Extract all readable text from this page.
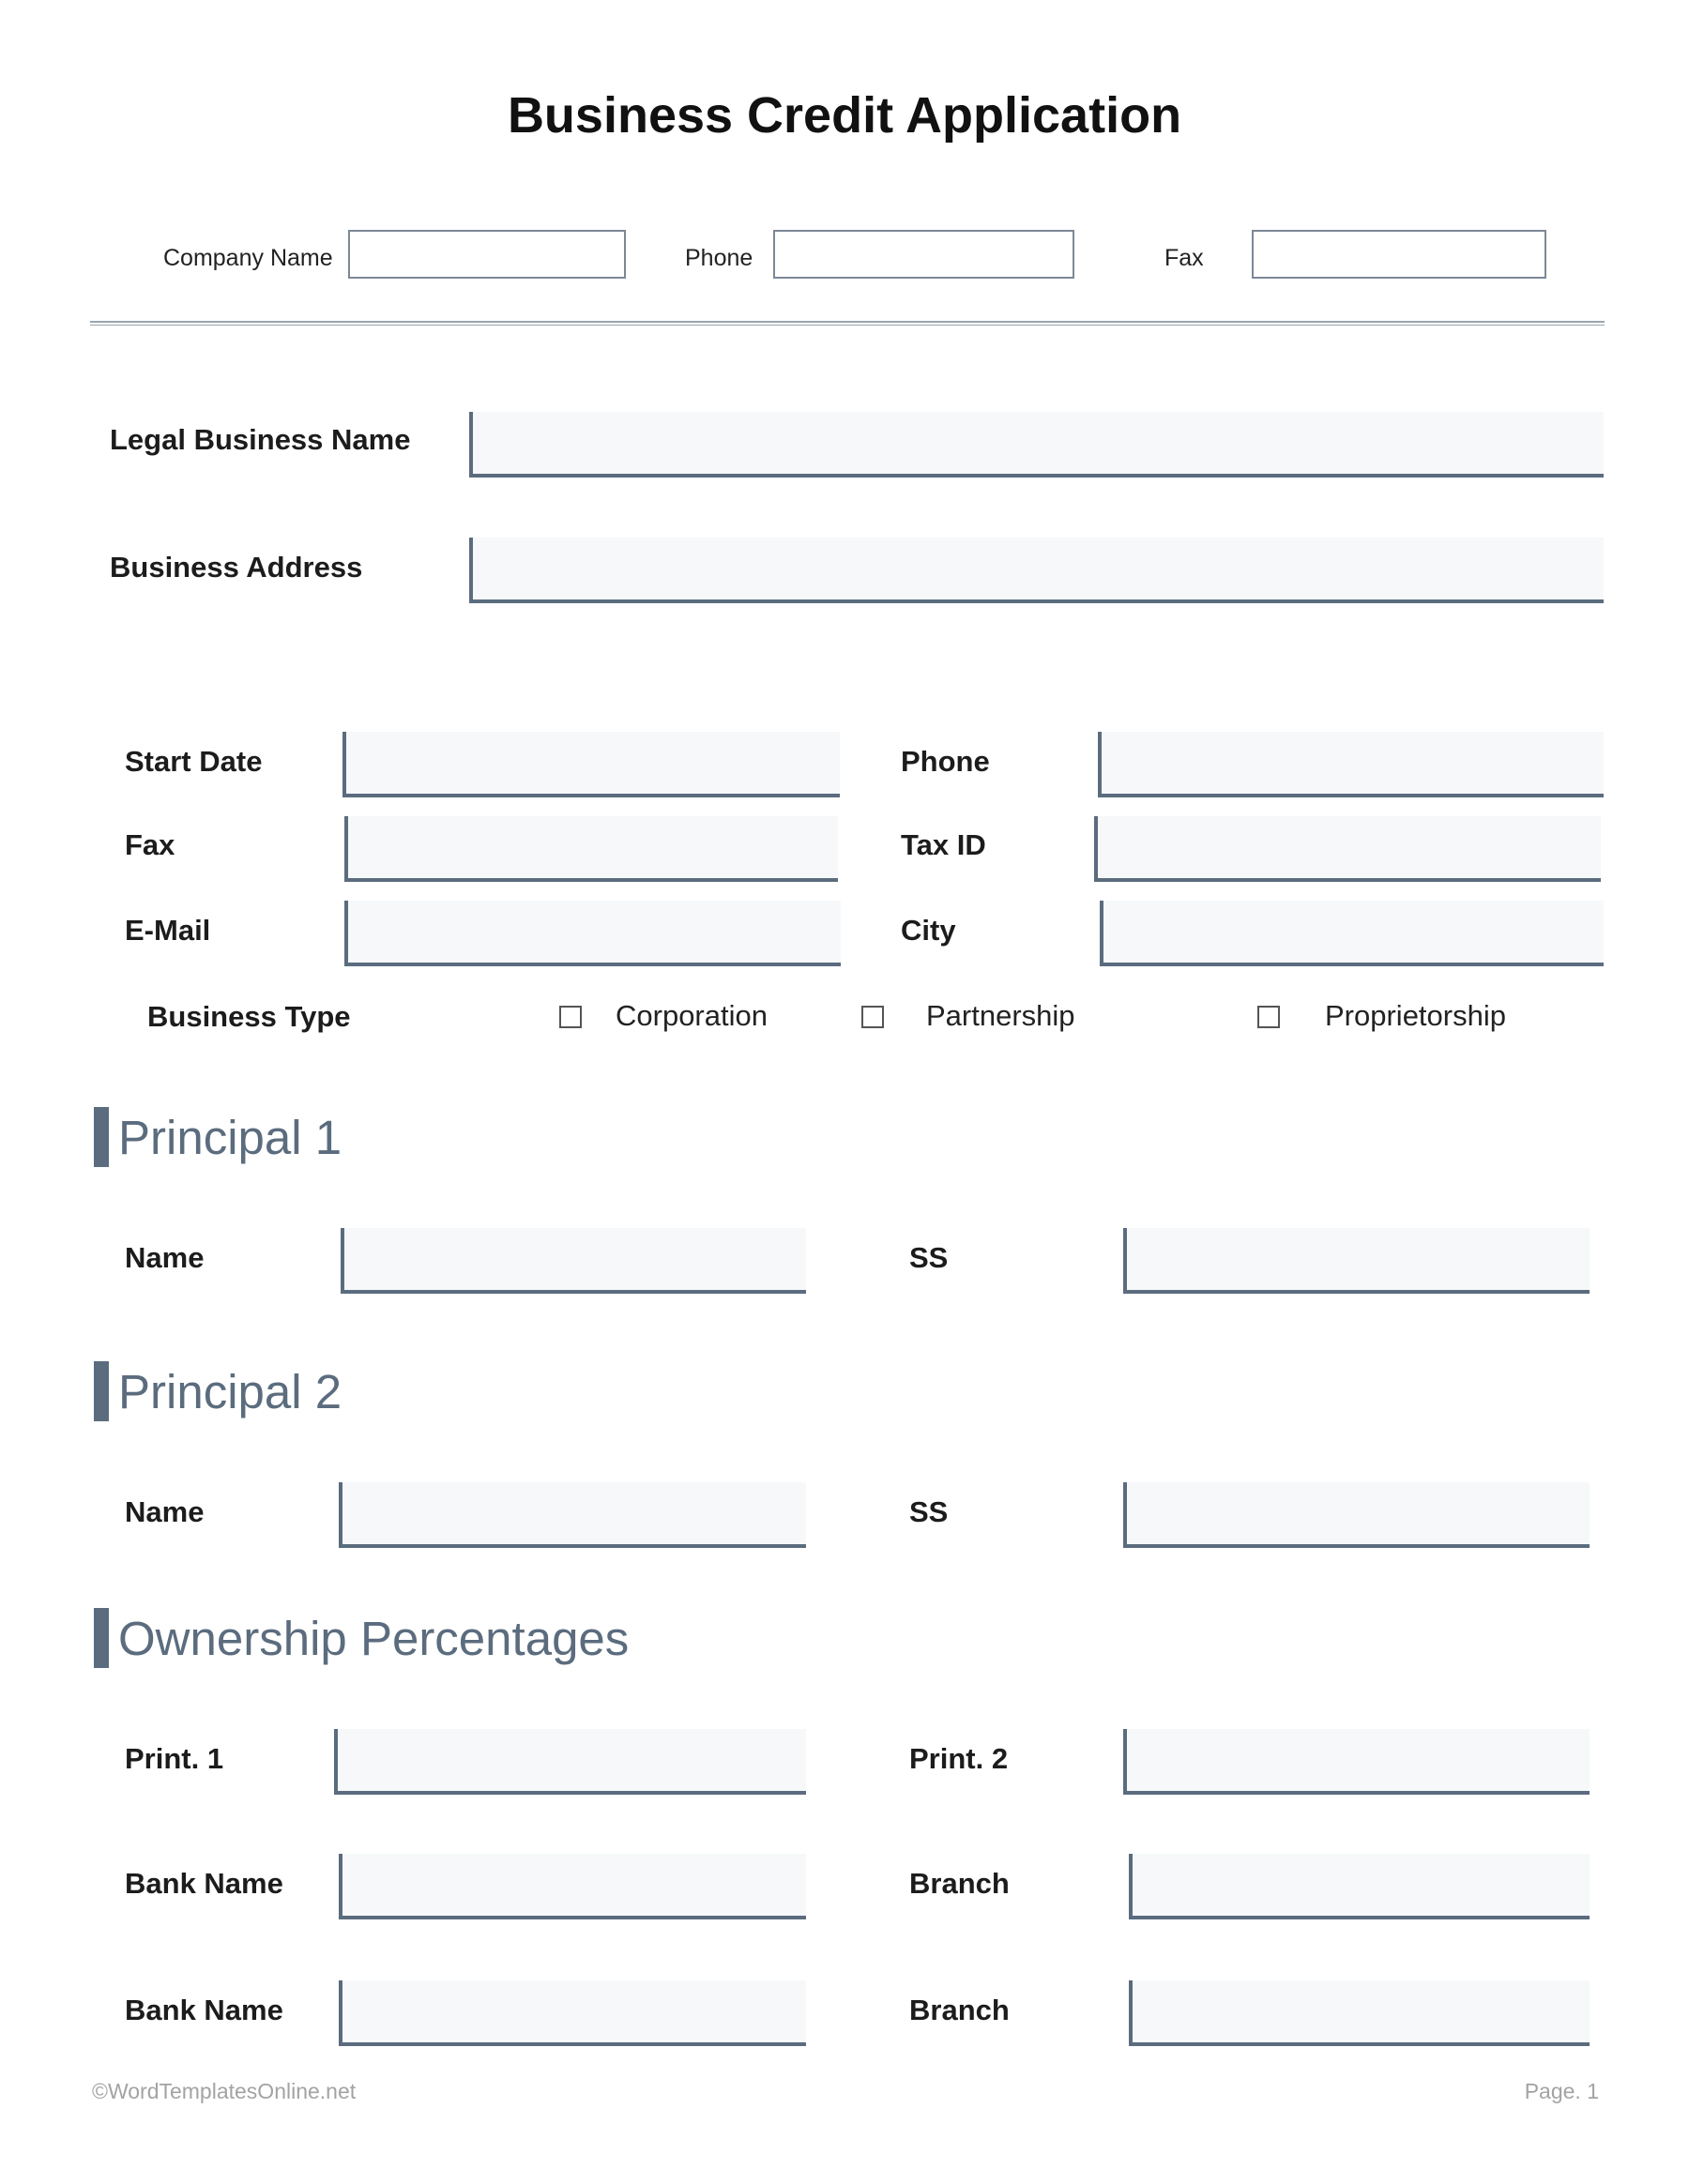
Business Credit Application
Company Name	Phone	Fax
Legal Business Name
Business Address
Start Date	Phone
Fax	Tax ID
E-Mail	City
Business Type	Corporation	Partnership	Proprietorship
Principal 1
Name	SS
Principal 2
Name	SS
Ownership Percentages
Print. 1	Print. 2
Bank Name	Branch
Bank Name	Branch
©WordTemplatesOnline.net	Page. 1
